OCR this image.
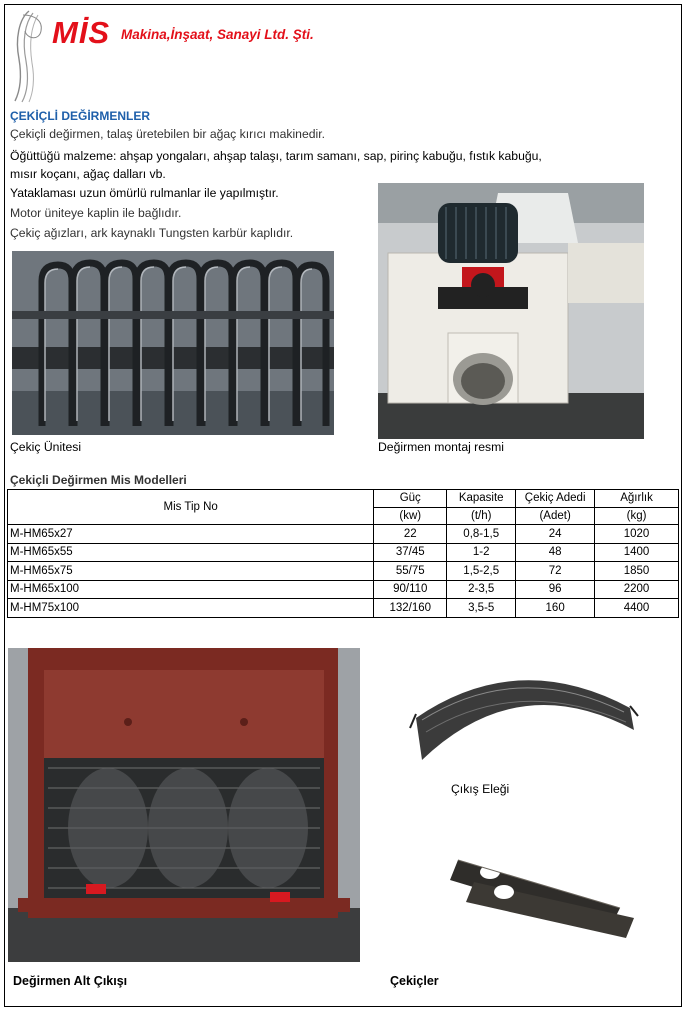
MİS Makina,İnşaat, Sanayi Ltd. Şti.
ÇEKİÇLİ DEĞİRMENLER
Çekiçli değirmen, talaş üretebilen bir ağaç kırıcı makinedir.
Öğüttüğü malzeme: ahşap yongaları, ahşap talaşı, tarım samanı, sap, pirinç kabuğu, fıstık kabuğu,
mısır koçanı, ağaç dalları vb.
Yataklaması uzun ömürlü rulmanlar ile yapılmıştır.
Motor üniteye kaplin ile bağlıdır.
Çekiç ağızları, ark kaynaklı Tungsten karbür kaplıdır.
Çekiç Ünitesi	Değirmen montaj resmi
Çekiçli Değirmen Mis Modelleri
Mis Tip No	Güç	Kapasite	Çekiç Adedi	Ağırlık
	(kw)	(t/h)	(Adet)	(kg)
M-HM65x27	22	0,8-1,5	24	1020
M-HM65x55	37/45	1-2	48	1400
M-HM65x75	55/75	1,5-2,5	72	1850
M-HM65x100	90/110	2-3,5	96	2200
M-HM75x100	132/160	3,5-5	160	4400
Çıkış Eleği
Değirmen Alt Çıkışı	Çekiçler
